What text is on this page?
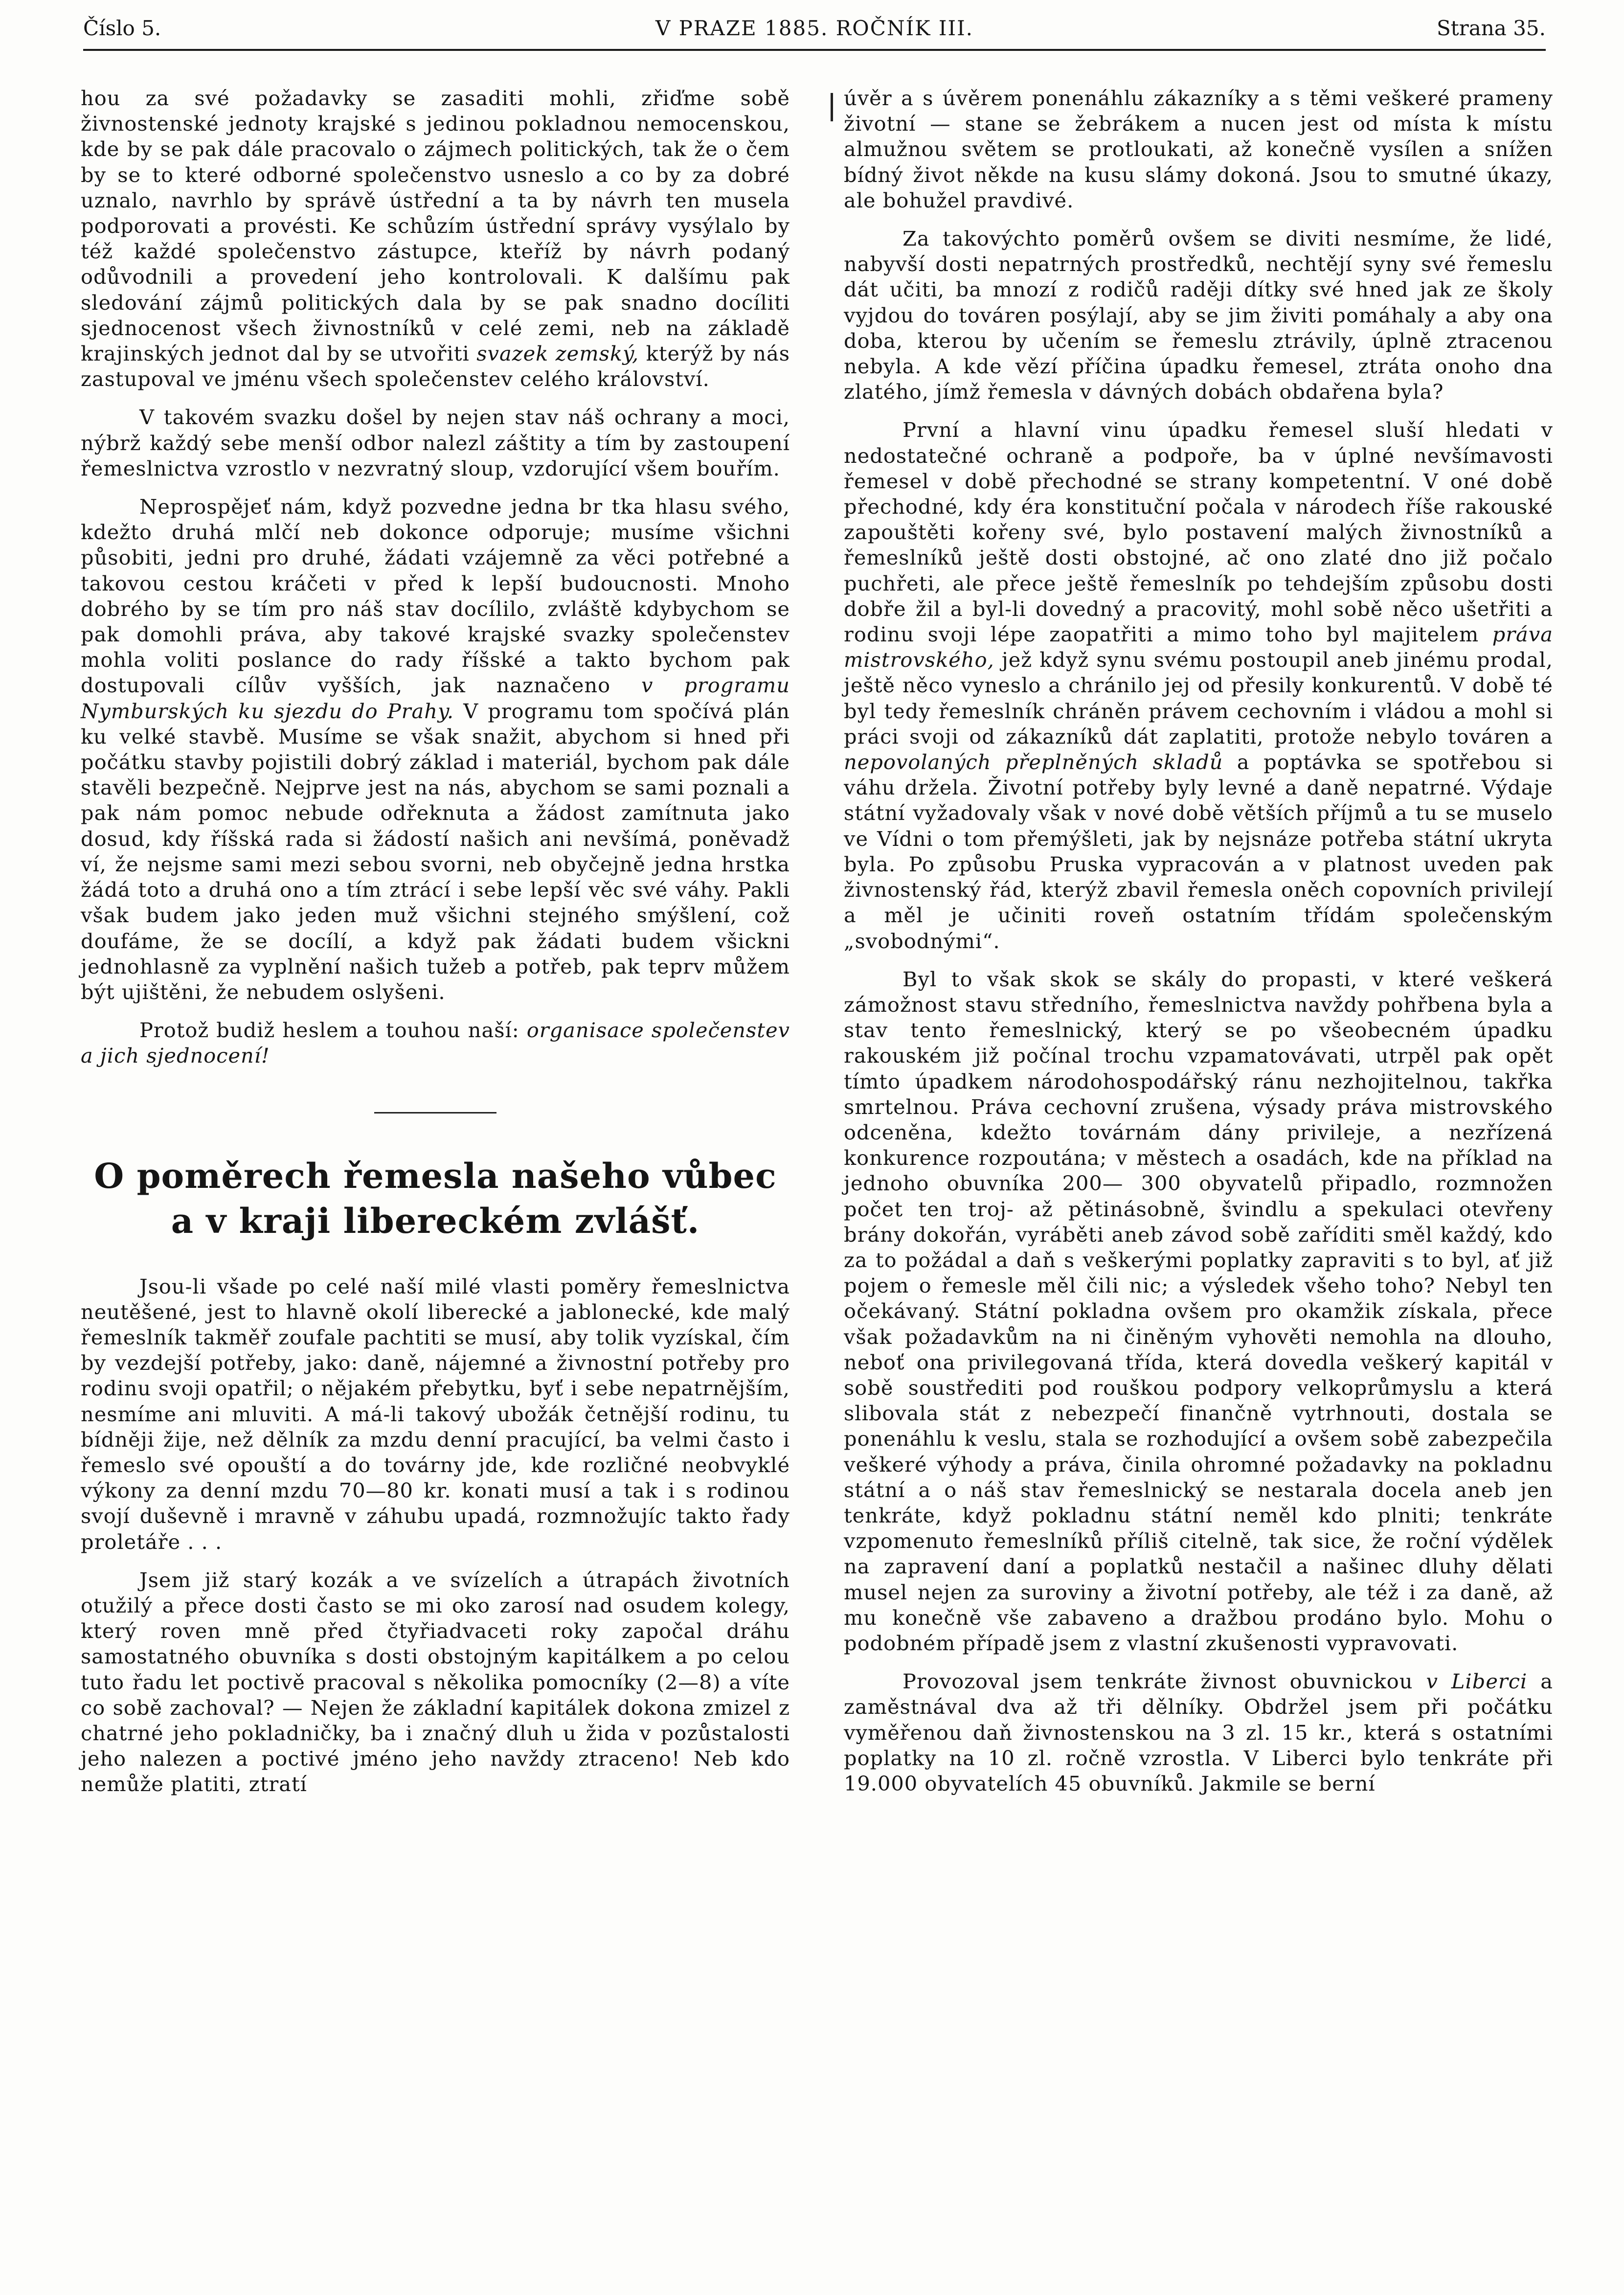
Číslo 5.	V PRAZE 1885. ROČNÍK III.	Strana 35.

hou za své požadavky se zasaditi mohli, zřiďme sobě živnostenské jednoty krajské s jedinou pokladnou nemocenskou, kde by se pak dále pracovalo o zájmech politických, tak že o čem by se to které odborné společenstvo usneslo a co by za dobré uznalo, navrhlo by správě ústřední a ta by návrh ten musela podporovati a provésti. Ke schůzím ústřední správy vysýlalo by též každé společenstvo zástupce, kteříž by návrh podaný odůvodnili a provedení jeho kontrolovali. K dalšímu pak sledování zájmů politických dala by se pak snadno docíliti sjednocenost všech živnostníků v celé zemi, neb na základě krajinských jednot dal by se utvořiti svazek zemský, kterýž by nás zastupoval ve jménu všech společenstev celého království.

V takovém svazku došel by nejen stav náš ochrany a moci, nýbrž každý sebe menší odbor nalezl záštity a tím by zastoupení řemeslnictva vzrostlo v nezvratný sloup, vzdorující všem bouřím.

Neprospějeť nám, když pozvedne jedna br tka hlasu svého, kdežto druhá mlčí neb dokonce odporuje; musíme všichni působiti, jedni pro druhé, žádati vzájemně za věci potřebné a takovou cestou kráčeti v před k lepší budoucnosti. Mnoho dobrého by se tím pro náš stav docílilo, zvláště kdybychom se pak domohli práva, aby takové krajské svazky společenstev mohla voliti poslance do rady říšské a takto bychom pak dostupovali cílův vyšších, jak naznačeno v programu Nymburských ku sjezdu do Prahy. V programu tom spočívá plán ku velké stavbě. Musíme se však snažit, abychom si hned při počátku stavby pojistili dobrý základ i materiál, bychom pak dále stavěli bezpečně. Nejprve jest na nás, abychom se sami poznali a pak nám pomoc nebude odřeknuta a žádost zamítnuta jako dosud, kdy říšská rada si žádostí našich ani nevšímá, poněvadž ví, že nejsme sami mezi sebou svorni, neb obyčejně jedna hrstka žádá toto a druhá ono a tím ztrácí i sebe lepší věc své váhy. Pakli však budem jako jeden muž všichni stejného smýšlení, což doufáme, že se docílí, a když pak žádati budem všickni jednohlasně za vyplnění našich tužeb a potřeb, pak teprv můžem být ujištěni, že nebudem oslyšeni.

Protož budiž heslem a touhou naší: organisace společenstev a jich sjednocení!

O poměrech řemesla našeho vůbec
a v kraji libereckém zvlášť.

Jsou-li všade po celé naší milé vlasti poměry řemeslnictva neutěšené, jest to hlavně okolí liberecké a jablonecké, kde malý řemeslník takměř zoufale pachtiti se musí, aby tolik vyzískal, čím by vezdejší potřeby, jako: daně, nájemné a živnostní potřeby pro rodinu svoji opatřil; o nějakém přebytku, byť i sebe nepatrnějším, nesmíme ani mluviti. A má-li takový ubožák četnější rodinu, tu bídněji žije, než dělník za mzdu denní pracující, ba velmi často i řemeslo své opouští a do továrny jde, kde rozličné neobvyklé výkony za denní mzdu 70—80 kr. konati musí a tak i s rodinou svojí duševně i mravně v záhubu upadá, rozmnožujíc takto řady proletáře . . .

Jsem již starý kozák a ve svízelích a útrapách životních otužilý a přece dosti často se mi oko zarosí nad osudem kolegy, který roven mně před čtyřiadvaceti roky započal dráhu samostatného obuvníka s dosti obstojným kapitálkem a po celou tuto řadu let poctivě pracoval s několika pomocníky (2—8) a víte co sobě zachoval? — Nejen že základní kapitálek dokona zmizel z chatrné jeho pokladničky, ba i značný dluh u žida v pozůstalosti jeho nalezen a poctivé jméno jeho navždy ztraceno! Neb kdo nemůže platiti, ztratí

úvěr a s úvěrem ponenáhlu zákazníky a s těmi veškeré prameny životní — stane se žebrákem a nucen jest od místa k místu almužnou světem se protloukati, až konečně vysílen a snížen bídný život někde na kusu slámy dokoná. Jsou to smutné úkazy, ale bohužel pravdivé.

Za takovýchto poměrů ovšem se diviti nesmíme, že lidé, nabyvší dosti nepatrných prostředků, nechtějí syny své řemeslu dát učiti, ba mnozí z rodičů raději dítky své hned jak ze školy vyjdou do továren posýlají, aby se jim živiti pomáhaly a aby ona doba, kterou by učením se řemeslu ztrávily, úplně ztracenou nebyla. A kde vězí příčina úpadku řemesel, ztráta onoho dna zlatého, jímž řemesla v dávných dobách obdařena byla?

První a hlavní vinu úpadku řemesel sluší hledati v nedostatečné ochraně a podpoře, ba v úplné nevšímavosti řemesel v době přechodné se strany kompetentní. V oné době přechodné, kdy éra konstituční počala v národech říše rakouské zapouštěti kořeny své, bylo postavení malých živnostníků a řemeslníků ještě dosti obstojné, ač ono zlaté dno již počalo puchřeti, ale přece ještě řemeslník po tehdejším způsobu dosti dobře žil a byl-li dovedný a pracovitý, mohl sobě něco ušetřiti a rodinu svoji lépe zaopatřiti a mimo toho byl majitelem práva mistrovského, jež když synu svému postoupil aneb jinému prodal, ještě něco vyneslo a chránilo jej od přesily konkurentů. V době té byl tedy řemeslník chráněn právem cechovním i vládou a mohl si práci svoji od zákazníků dát zaplatiti, protože nebylo továren a nepovolaných přeplněných skladů a poptávka se spotřebou si váhu držela. Životní potřeby byly levné a daně nepatrné. Výdaje státní vyžadovaly však v nové době větších příjmů a tu se muselo ve Vídni o tom přemýšleti, jak by nejsnáze potřeba státní ukryta byla. Po způsobu Pruska vypracován a v platnost uveden pak živnostenský řád, kterýž zbavil řemesla oněch copovních privilejí a měl je učiniti roveň ostatním třídám společenským „svobodnými“.

Byl to však skok se skály do propasti, v které veškerá zámožnost stavu středního, řemeslnictva navždy pohřbena byla a stav tento řemeslnický, který se po všeobecném úpadku rakouském již počínal trochu vzpamatovávati, utrpěl pak opět tímto úpadkem národohospodářský ránu nezhojitelnou, takřka smrtelnou. Práva cechovní zrušena, výsady práva mistrovského odceněna, kdežto továrnám dány privileje, a nezřízená konkurence rozpoutána; v městech a osadách, kde na příklad na jednoho obuvníka 200— 300 obyvatelů připadlo, rozmnožen počet ten troj- až pětinásobně, švindlu a spekulaci otevřeny brány dokořán, vyráběti aneb závod sobě zaříditi směl každý, kdo za to požádal a daň s veškerými poplatky zapraviti s to byl, ať již pojem o řemesle měl čili nic; a výsledek všeho toho? Nebyl ten očekávaný. Státní pokladna ovšem pro okamžik získala, přece však požadavkům na ni činěným vyhověti nemohla na dlouho, neboť ona privilegovaná třída, která dovedla veškerý kapitál v sobě soustřediti pod rouškou podpory velkoprůmyslu a která slibovala stát z nebezpečí finančně vytrhnouti, dostala se ponenáhlu k veslu, stala se rozhodující a ovšem sobě zabezpečila veškeré výhody a práva, činila ohromné požadavky na pokladnu státní a o náš stav řemeslnický se nestarala docela aneb jen tenkráte, když pokladnu státní neměl kdo plniti; tenkráte vzpomenuto řemeslníků příliš citelně, tak sice, že roční výdělek na zapravení daní a poplatků nestačil a našinec dluhy dělati musel nejen za suroviny a životní potřeby, ale též i za daně, až mu konečně vše zabaveno a dražbou prodáno bylo. Mohu o podobném případě jsem z vlastní zkušenosti vypravovati.

Provozoval jsem tenkráte živnost obuvnickou v Liberci a zaměstnával dva až tři dělníky. Obdržel jsem při počátku vyměřenou daň živnostenskou na 3 zl. 15 kr., která s ostatními poplatky na 10 zl. ročně vzrostla. V Liberci bylo tenkráte při 19.000 obyvatelích 45 obuvníků. Jakmile se berní
